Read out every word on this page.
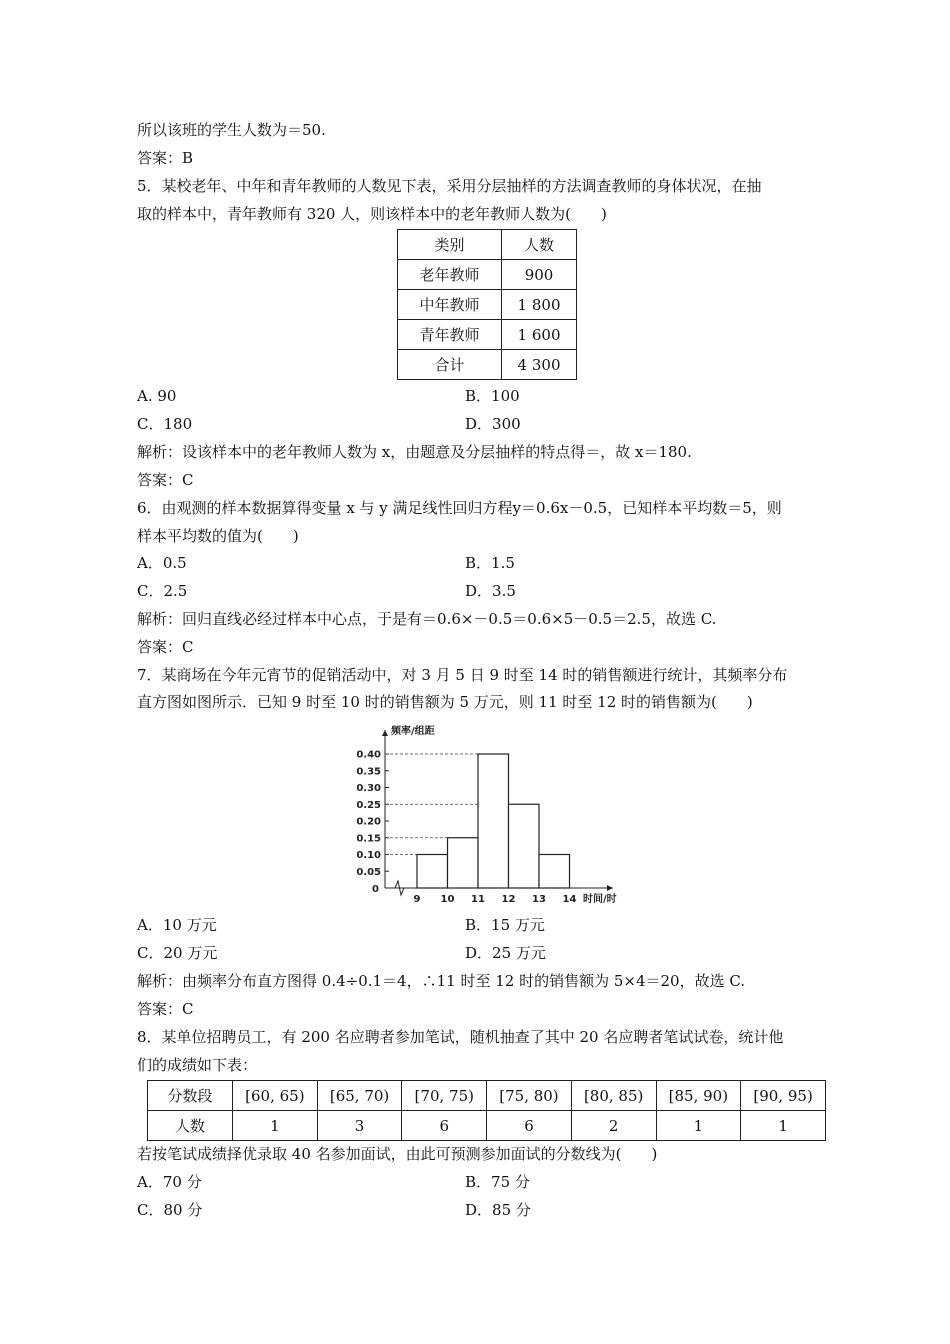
所以该班的学生人数为＝50.
答案：B
5．某校老年、中年和青年教师的人数见下表，采用分层抽样的方法调查教师的身体状况，在抽
取的样本中，青年教师有 320 人，则该样本中的老年教师人数为(　　)
类别	人数
老年教师	900
中年教师	1 800
青年教师	1 600
合计	4 300
A. 90	B．100
C．180	D．300
解析：设该样本中的老年教师人数为 x，由题意及分层抽样的特点得＝，故 x＝180.
答案：C
6．由观测的样本数据算得变量 x 与 y 满足线性回归方程y＝0.6x－0.5，已知样本平均数＝5，则
样本平均数的值为(　　)
A．0.5	B．1.5
C．2.5	D．3.5
解析：回归直线必经过样本中心点，于是有＝0.6×－0.5＝0.6×5－0.5＝2.5，故选 C.
答案：C
7．某商场在今年元宵节的促销活动中，对 3 月 5 日 9 时至 14 时的销售额进行统计，其频率分布
直方图如图所示．已知 9 时至 10 时的销售额为 5 万元，则 11 时至 12 时的销售额为(　　)
0.05
0.10
0.15
0.20
0.25
0.30
0.35
0.40
0
9 10 11 12 13 14
频率/组距
时间/时
A．10 万元	B．15 万元
C．20 万元	D．25 万元
解析：由频率分布直方图得 0.4÷0.1＝4，∴11 时至 12 时的销售额为 5×4＝20，故选 C.
答案：C
8．某单位招聘员工，有 200 名应聘者参加笔试，随机抽查了其中 20 名应聘者笔试试卷，统计他
们的成绩如下表：
分数段	[60, 65)	[65, 70)	[70, 75)	[75, 80)	[80, 85)	[85, 90)	[90, 95)
人数	1	3	6	6	2	1	1
若按笔试成绩择优录取 40 名参加面试，由此可预测参加面试的分数线为(　　)
A．70 分	B．75 分
C．80 分	D．85 分
